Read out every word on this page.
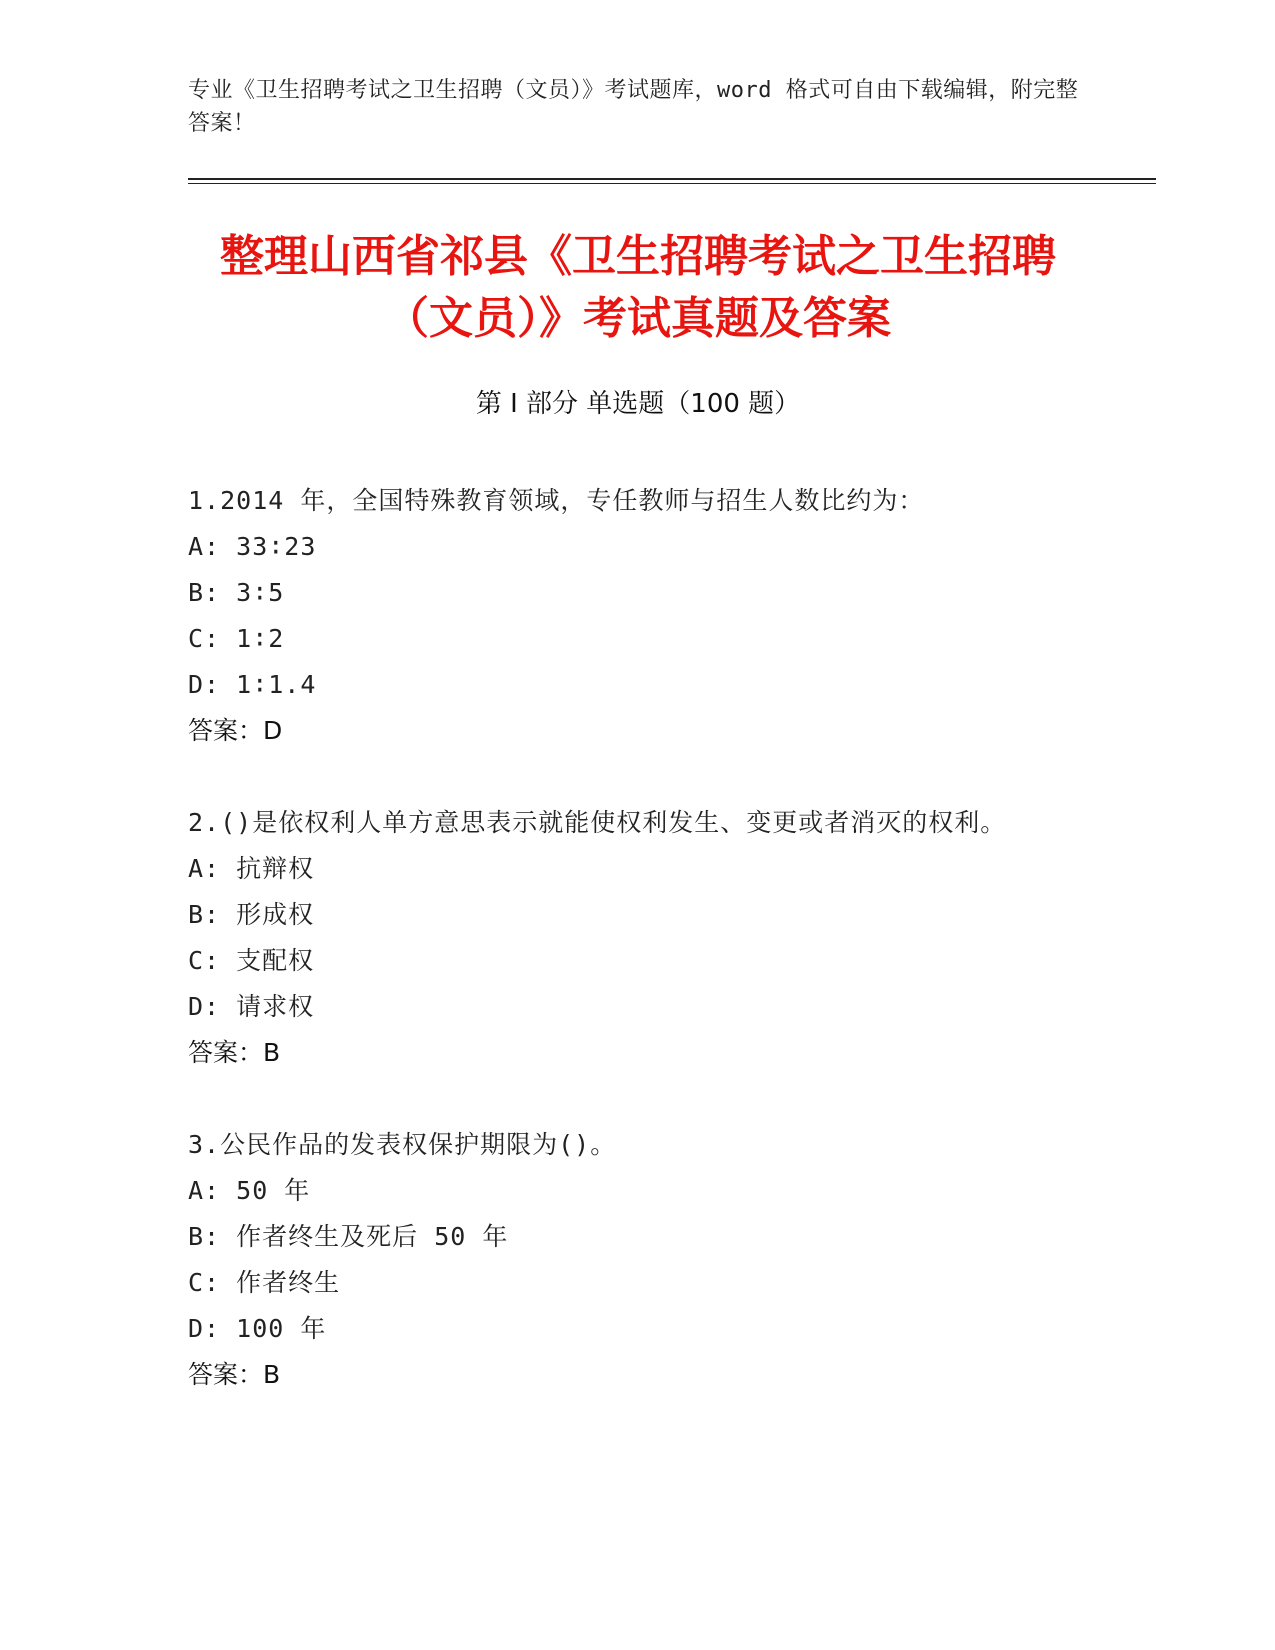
专业《卫生招聘考试之卫生招聘（文员）》考试题库，word 格式可自由下载编辑，附完整答案！
整理山西省祁县《卫生招聘考试之卫生招聘（文员）》考试真题及答案
第 I 部分 单选题（100 题）
1.2014 年，全国特殊教育领域，专任教师与招生人数比约为：
A: 33∶23
B: 3∶5
C: 1∶2
D: 1∶1.4
答案：D
2.()是依权利人单方意思表示就能使权利发生、变更或者消灭的权利。
A: 抗辩权
B: 形成权
C: 支配权
D: 请求权
答案：B
3.公民作品的发表权保护期限为()。
A: 50 年
B: 作者终生及死后 50 年
C: 作者终生
D: 100 年
答案：B
